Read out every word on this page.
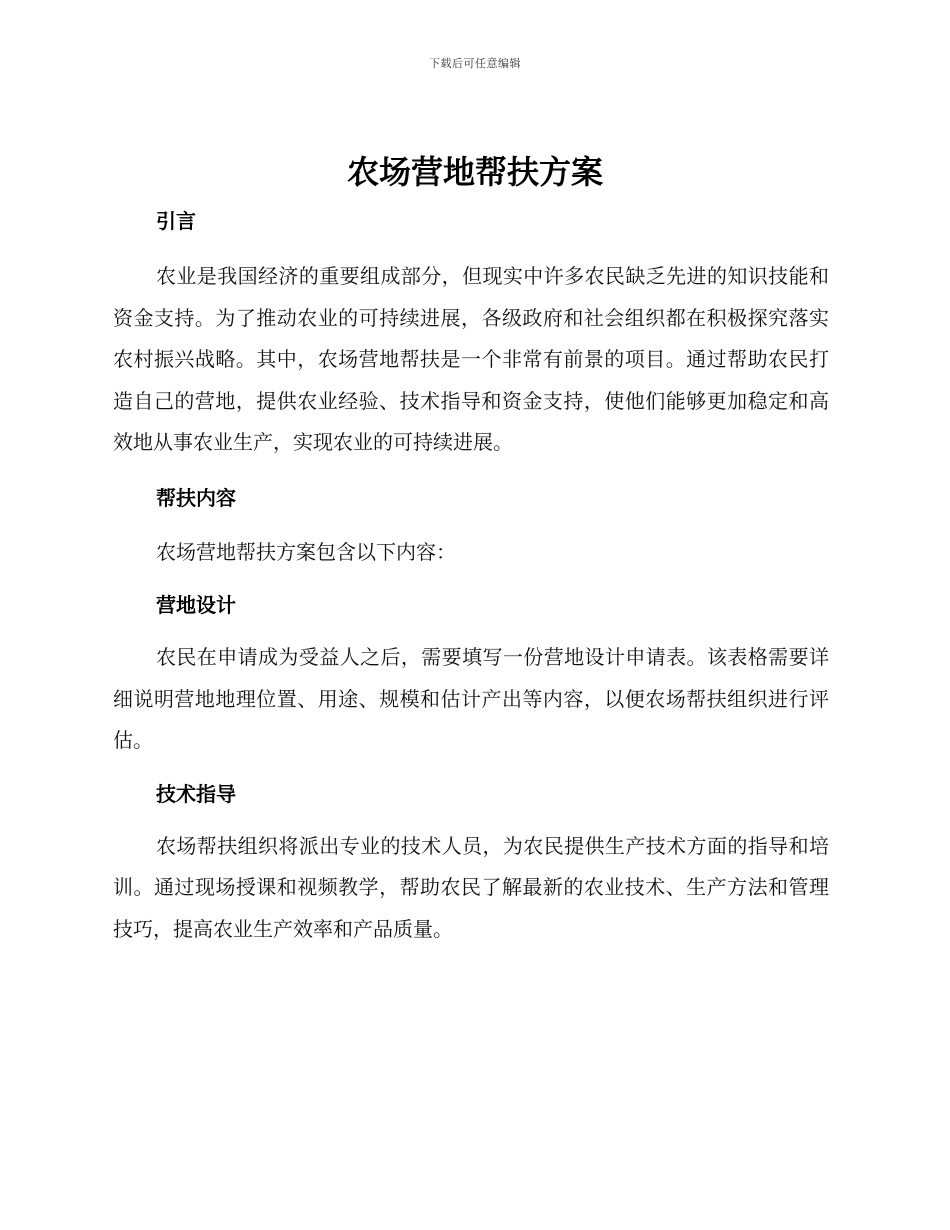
下载后可任意编辑
农场营地帮扶方案
引言

农业是我国经济的重要组成部分，但现实中许多农民缺乏先进的知识技能和资金支持。为了推动农业的可持续进展，各级政府和社会组织都在积极探究落实农村振兴战略。其中，农场营地帮扶是一个非常有前景的项目。通过帮助农民打造自己的营地，提供农业经验、技术指导和资金支持，使他们能够更加稳定和高效地从事农业生产，实现农业的可持续进展。

帮扶内容

农场营地帮扶方案包含以下内容：

营地设计

农民在申请成为受益人之后，需要填写一份营地设计申请表。该表格需要详细说明营地地理位置、用途、规模和估计产出等内容，以便农场帮扶组织进行评估。

技术指导

农场帮扶组织将派出专业的技术人员，为农民提供生产技术方面的指导和培训。通过现场授课和视频教学，帮助农民了解最新的农业技术、生产方法和管理技巧，提高农业生产效率和产品质量。
